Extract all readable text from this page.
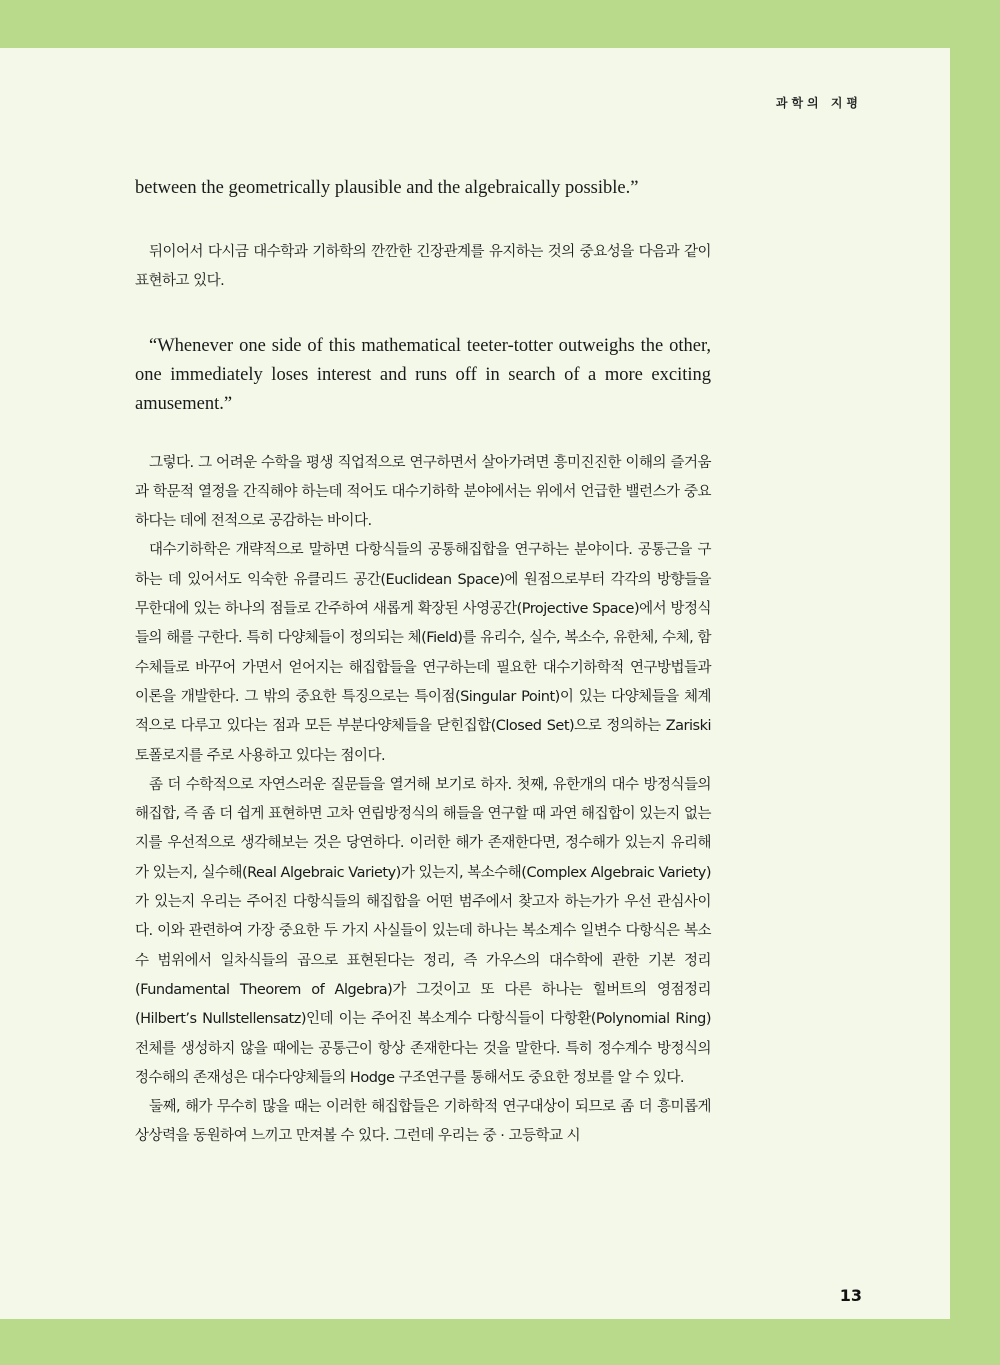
과학의 지평

between the geometrically plausible and the algebraically possible.”

뒤이어서 다시금 대수학과 기하학의 깐깐한 긴장관계를 유지하는 것의 중요성을 다음과 같이 표현하고 있다.

“Whenever one side of this mathematical teeter-totter outweighs the other, one immediately loses interest and runs off in search of a more exciting amusement.”

그렇다. 그 어려운 수학을 평생 직업적으로 연구하면서 살아가려면 흥미진진한 이해의 즐거움과 학문적 열정을 간직해야 하는데 적어도 대수기하학 분야에서는 위에서 언급한 밸런스가 중요하다는 데에 전적으로 공감하는 바이다.

대수기하학은 개략적으로 말하면 다항식들의 공통해집합을 연구하는 분야이다. 공통근을 구하는 데 있어서도 익숙한 유클리드 공간(Euclidean Space)에 원점으로부터 각각의 방향들을 무한대에 있는 하나의 점들로 간주하여 새롭게 확장된 사영공간(Projective Space)에서 방정식들의 해를 구한다. 특히 다양체들이 정의되는 체(Field)를 유리수, 실수, 복소수, 유한체, 수체, 함수체들로 바꾸어 가면서 얻어지는 해집합들을 연구하는데 필요한 대수기하학적 연구방법들과 이론을 개발한다. 그 밖의 중요한 특징으로는 특이점(Singular Point)이 있는 다양체들을 체계적으로 다루고 있다는 점과 모든 부분다양체들을 닫힌집합(Closed Set)으로 정의하는 Zariski 토폴로지를 주로 사용하고 있다는 점이다.

좀 더 수학적으로 자연스러운 질문들을 열거해 보기로 하자. 첫째, 유한개의 대수 방정식들의 해집합, 즉 좀 더 쉽게 표현하면 고차 연립방정식의 해들을 연구할 때 과연 해집합이 있는지 없는지를 우선적으로 생각해보는 것은 당연하다. 이러한 해가 존재한다면, 정수해가 있는지 유리해가 있는지, 실수해(Real Algebraic Variety)가 있는지, 복소수해(Complex Algebraic Variety)가 있는지 우리는 주어진 다항식들의 해집합을 어떤 범주에서 찾고자 하는가가 우선 관심사이다. 이와 관련하여 가장 중요한 두 가지 사실들이 있는데 하나는 복소계수 일변수 다항식은 복소수 범위에서 일차식들의 곱으로 표현된다는 정리, 즉 가우스의 대수학에 관한 기본 정리(Fundamental Theorem of Algebra)가 그것이고 또 다른 하나는 힐버트의 영점정리(Hilbert’s Nullstellensatz)인데 이는 주어진 복소계수 다항식들이 다항환(Polynomial Ring) 전체를 생성하지 않을 때에는 공통근이 항상 존재한다는 것을 말한다. 특히 정수계수 방정식의 정수해의 존재성은 대수다양체들의 Hodge 구조연구를 통해서도 중요한 정보를 알 수 있다.

둘째, 해가 무수히 많을 때는 이러한 해집합들은 기하학적 연구대상이 되므로 좀 더 흥미롭게 상상력을 동원하여 느끼고 만져볼 수 있다. 그런데 우리는 중 · 고등학교 시

13
